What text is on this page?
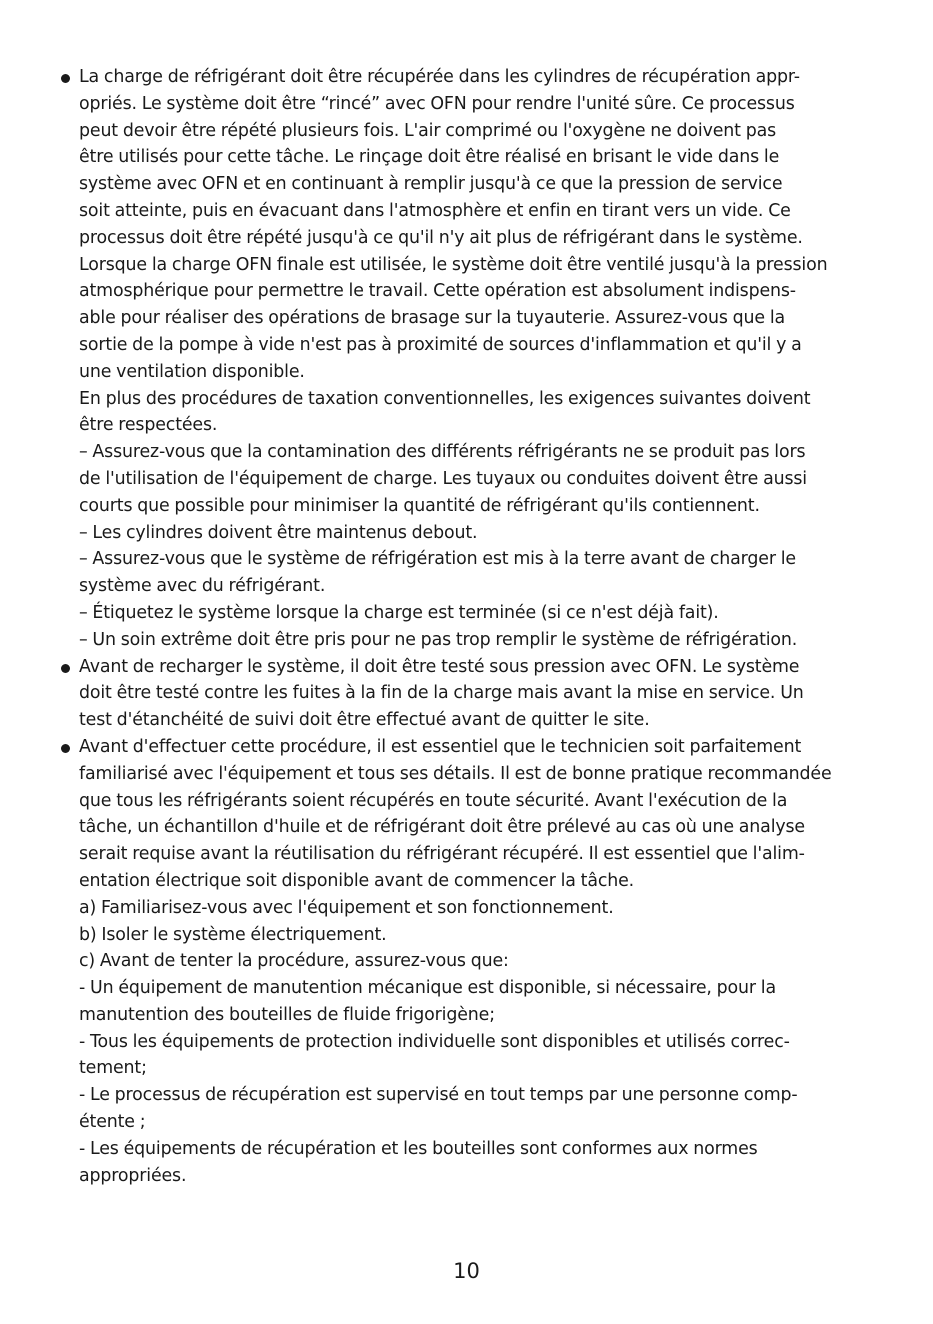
La charge de réfrigérant doit être récupérée dans les cylindres de récupération appr-
opriés. Le système doit être “rincé” avec OFN pour rendre l'unité sûre. Ce processus
peut devoir être répété plusieurs fois. L'air comprimé ou l'oxygène ne doivent pas
être utilisés pour cette tâche. Le rinçage doit être réalisé en brisant le vide dans le
système avec OFN et en continuant à remplir jusqu'à ce que la pression de service
soit atteinte, puis en évacuant dans l'atmosphère et enfin en tirant vers un vide. Ce
processus doit être répété jusqu'à ce qu'il n'y ait plus de réfrigérant dans le système.
Lorsque la charge OFN finale est utilisée, le système doit être ventilé jusqu'à la pression
atmosphérique pour permettre le travail. Cette opération est absolument indispens-
able pour réaliser des opérations de brasage sur la tuyauterie. Assurez-vous que la
sortie de la pompe à vide n'est pas à proximité de sources d'inflammation et qu'il y a
une ventilation disponible.
En plus des procédures de taxation conventionnelles, les exigences suivantes doivent
être respectées.
– Assurez-vous que la contamination des différents réfrigérants ne se produit pas lors
de l'utilisation de l'équipement de charge. Les tuyaux ou conduites doivent être aussi
courts que possible pour minimiser la quantité de réfrigérant qu'ils contiennent.
– Les cylindres doivent être maintenus debout.
– Assurez-vous que le système de réfrigération est mis à la terre avant de charger le
système avec du réfrigérant.
– Étiquetez le système lorsque la charge est terminée (si ce n'est déjà fait).
– Un soin extrême doit être pris pour ne pas trop remplir le système de réfrigération.
Avant de recharger le système, il doit être testé sous pression avec OFN. Le système
doit être testé contre les fuites à la fin de la charge mais avant la mise en service. Un
test d'étanchéité de suivi doit être effectué avant de quitter le site.
Avant d'effectuer cette procédure, il est essentiel que le technicien soit parfaitement
familiarisé avec l'équipement et tous ses détails. Il est de bonne pratique recommandée
que tous les réfrigérants soient récupérés en toute sécurité. Avant l'exécution de la
tâche, un échantillon d'huile et de réfrigérant doit être prélevé au cas où une analyse
serait requise avant la réutilisation du réfrigérant récupéré. Il est essentiel que l'alim-
entation électrique soit disponible avant de commencer la tâche.
a) Familiarisez-vous avec l'équipement et son fonctionnement.
b) Isoler le système électriquement.
c) Avant de tenter la procédure, assurez-vous que:
- Un équipement de manutention mécanique est disponible, si nécessaire, pour la
manutention des bouteilles de fluide frigorigène;
- Tous les équipements de protection individuelle sont disponibles et utilisés correc-
tement;
- Le processus de récupération est supervisé en tout temps par une personne comp-
étente ;
- Les équipements de récupération et les bouteilles sont conformes aux normes
appropriées.
10
